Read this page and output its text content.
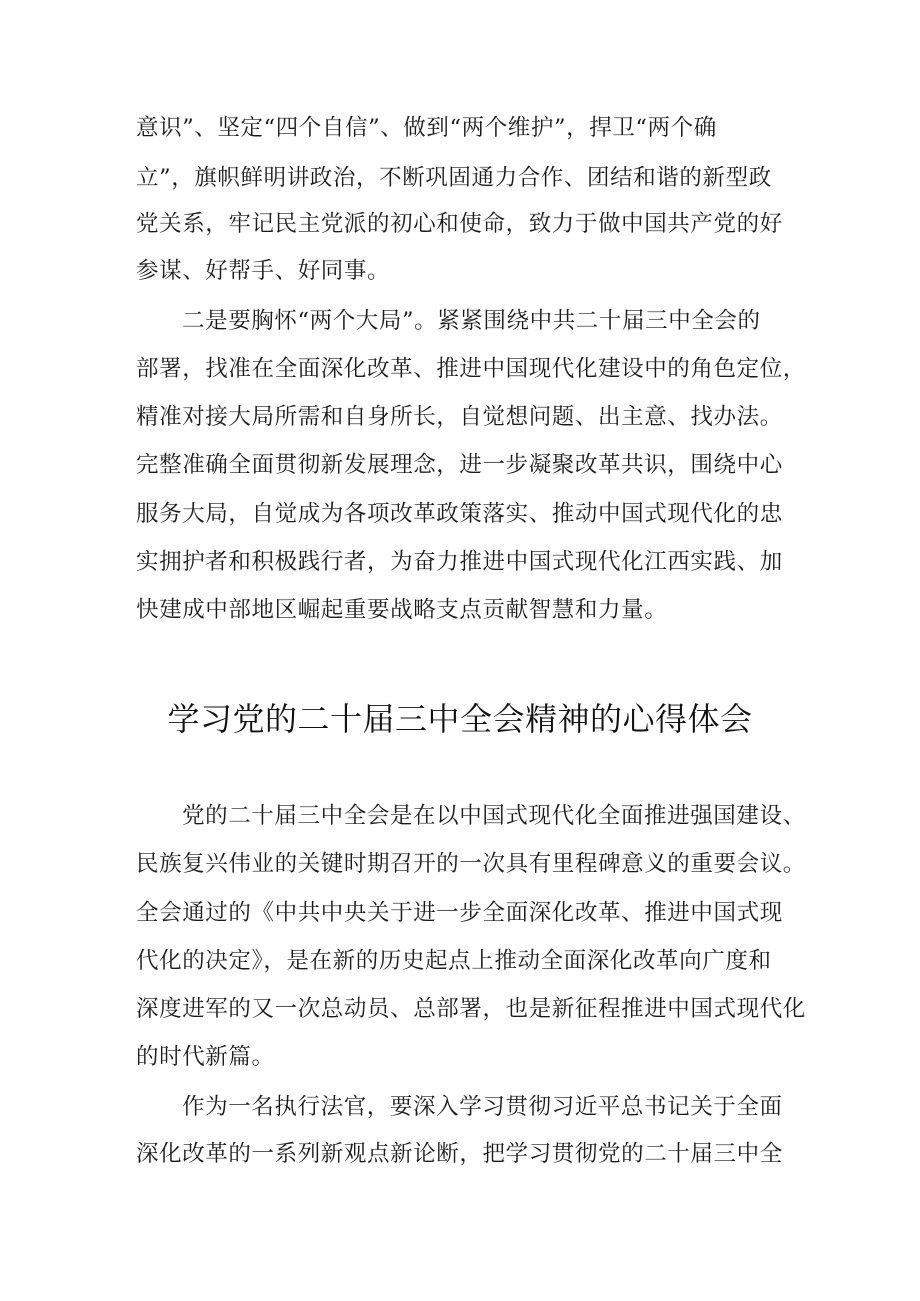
意识”、坚定“四个自信”、做到“两个维护”，捍卫“两个确
立”，旗帜鲜明讲政治，不断巩固通力合作、团结和谐的新型政
党关系，牢记民主党派的初心和使命，致力于做中国共产党的好
参谋、好帮手、好同事。
二是要胸怀“两个大局”。紧紧围绕中共二十届三中全会的
部署，找准在全面深化改革、推进中国现代化建设中的角色定位，
精准对接大局所需和自身所长，自觉想问题、出主意、找办法。
完整准确全面贯彻新发展理念，进一步凝聚改革共识，围绕中心
服务大局，自觉成为各项改革政策落实、推动中国式现代化的忠
实拥护者和积极践行者，为奋力推进中国式现代化江西实践、加
快建成中部地区崛起重要战略支点贡献智慧和力量。
学习党的二十届三中全会精神的心得体会
党的二十届三中全会是在以中国式现代化全面推进强国建设、
民族复兴伟业的关键时期召开的一次具有里程碑意义的重要会议。
全会通过的《中共中央关于进一步全面深化改革、推进中国式现
代化的决定》，是在新的历史起点上推动全面深化改革向广度和
深度进军的又一次总动员、总部署，也是新征程推进中国式现代化
的时代新篇。
作为一名执行法官，要深入学习贯彻习近平总书记关于全面
深化改革的一系列新观点新论断，把学习贯彻党的二十届三中全
